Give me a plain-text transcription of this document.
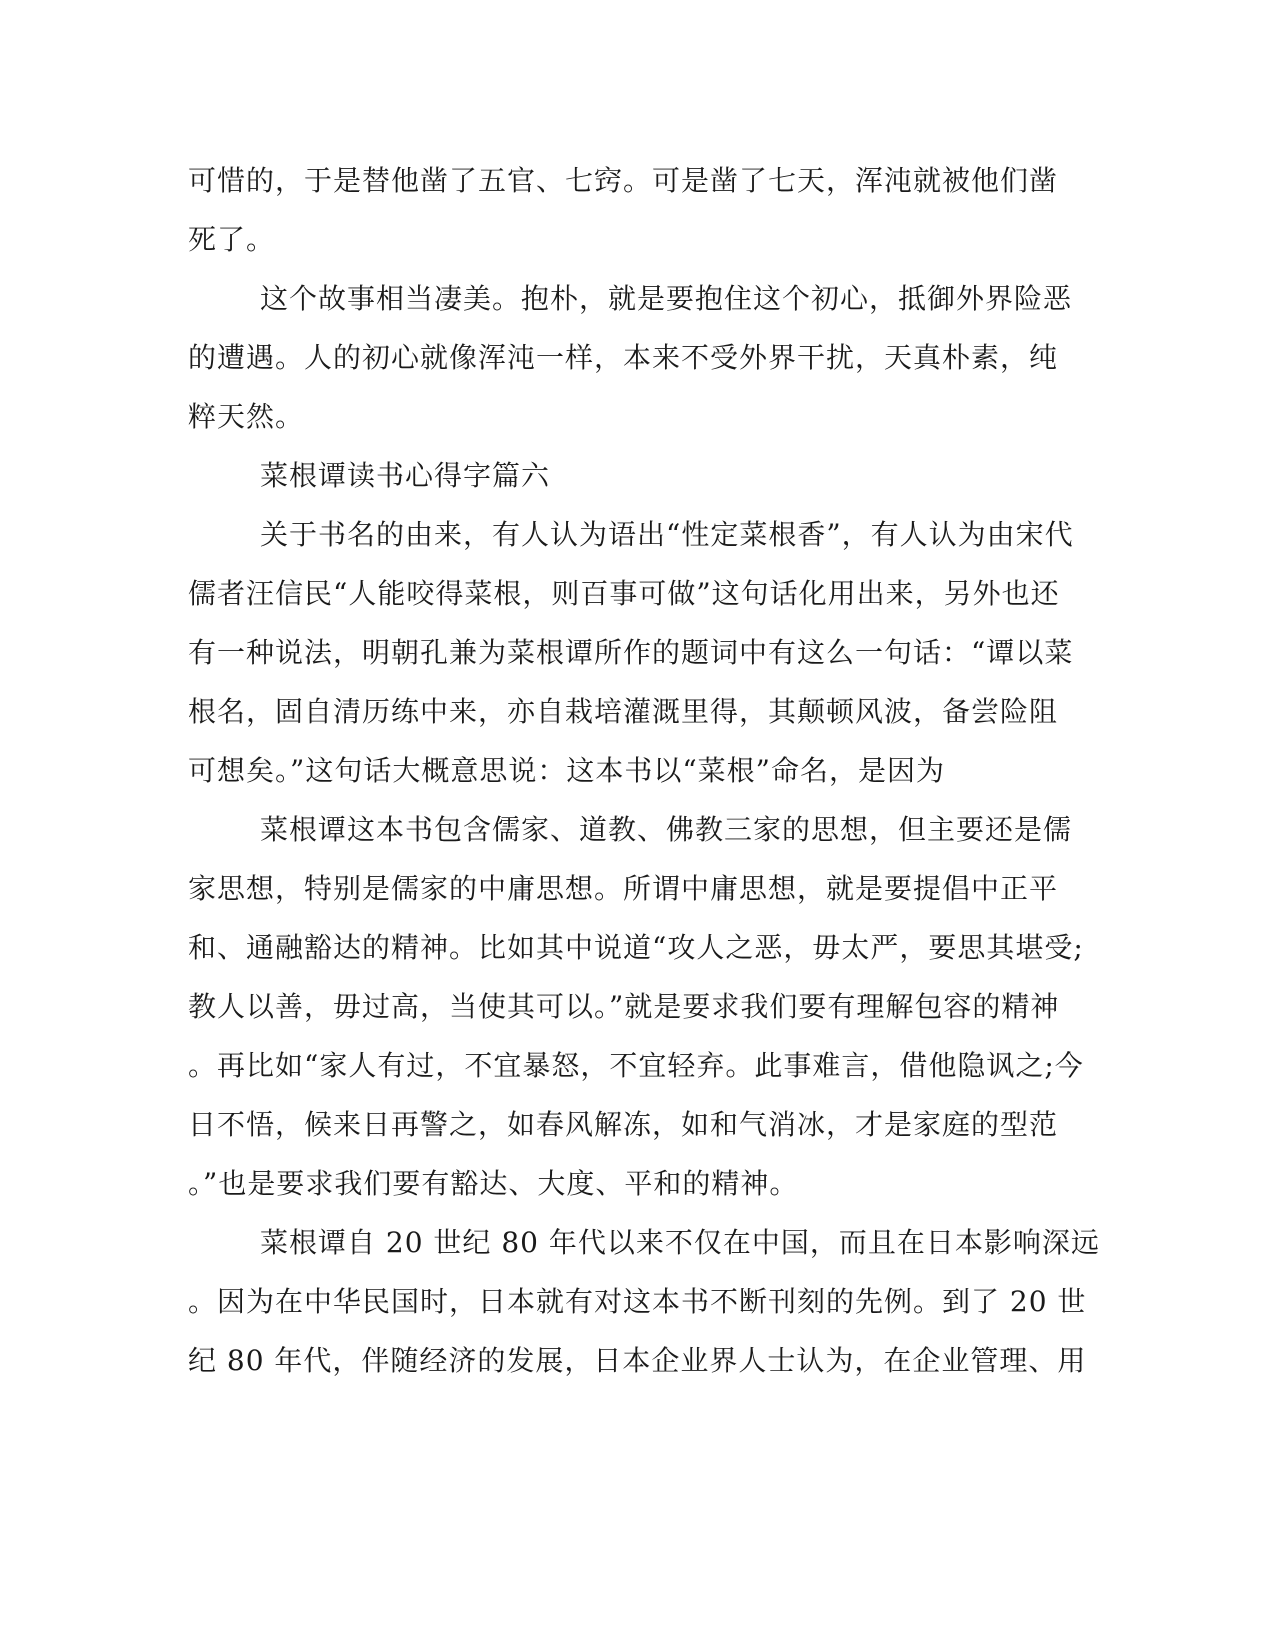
可惜的，于是替他凿了五官、七窍。可是凿了七天，浑沌就被他们凿

死了。

这个故事相当凄美。抱朴，就是要抱住这个初心，抵御外界险恶

的遭遇。人的初心就像浑沌一样，本来不受外界干扰，天真朴素，纯

粹天然。

菜根谭读书心得字篇六

关于书名的由来，有人认为语出“性定菜根香”，有人认为由宋代

儒者汪信民“人能咬得菜根，则百事可做”这句话化用出来，另外也还

有一种说法，明朝孔兼为菜根谭所作的题词中有这么一句话：“谭以菜

根名，固自清历练中来，亦自栽培灌溉里得，其颠顿风波，备尝险阻

可想矣。”这句话大概意思说：这本书以“菜根”命名，是因为

菜根谭这本书包含儒家、道教、佛教三家的思想，但主要还是儒

家思想，特别是儒家的中庸思想。所谓中庸思想，就是要提倡中正平

和、通融豁达的精神。比如其中说道“攻人之恶，毋太严，要思其堪受;

教人以善，毋过高，当使其可以。”就是要求我们要有理解包容的精神

。再比如“家人有过，不宜暴怒，不宜轻弃。此事难言，借他隐讽之;今

日不悟，候来日再警之，如春风解冻，如和气消冰，才是家庭的型范

。”也是要求我们要有豁达、大度、平和的精神。

菜根谭自 20 世纪 80 年代以来不仅在中国，而且在日本影响深远

。因为在中华民国时，日本就有对这本书不断刊刻的先例。到了 20 世

纪 80 年代，伴随经济的发展，日本企业界人士认为，在企业管理、用
